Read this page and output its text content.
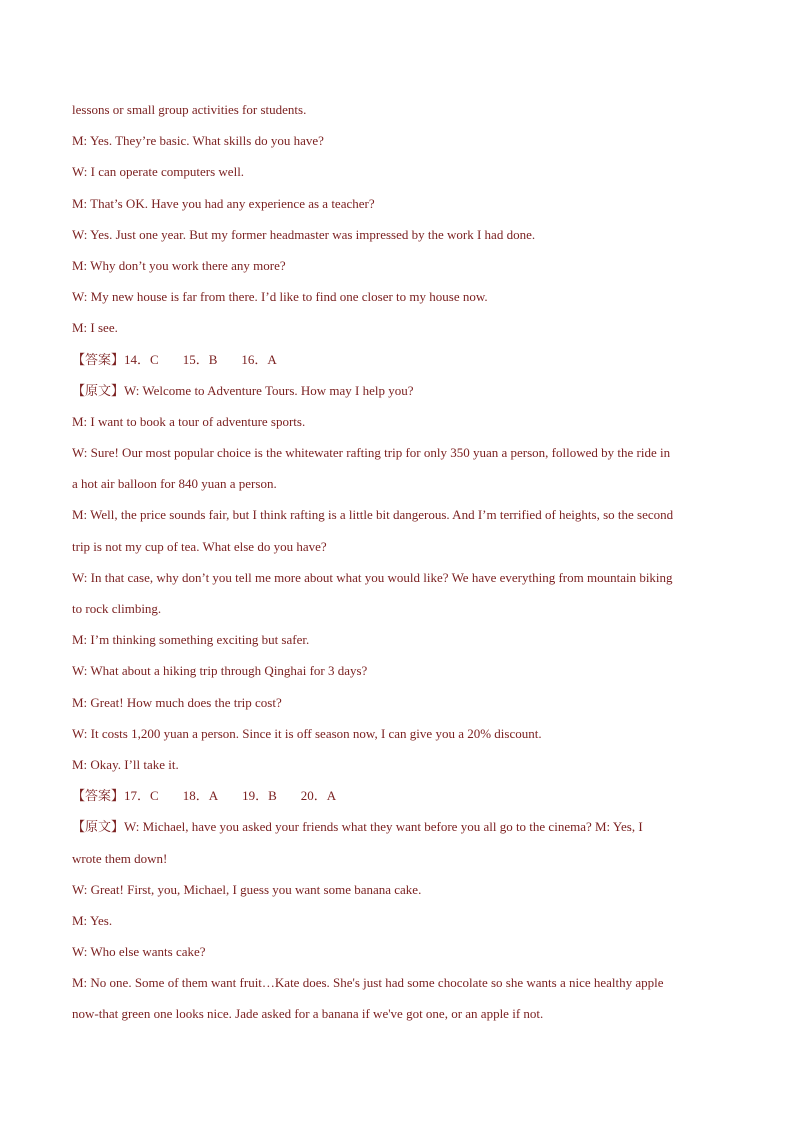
lessons or small group activities for students.
M: Yes. They’re basic. What skills do you have?
W: I can operate computers well.
M: That’s OK. Have you had any experience as a teacher?
W: Yes. Just one year. But my former headmaster was impressed by the work I had done.
M: Why don’t you work there any more?
W: My new house is far from there. I’d like to find one closer to my house now.
M: I see.
【答案】14．C 15．B 16．A
【原文】W: Welcome to Adventure Tours. How may I help you?
M: I want to book a tour of adventure sports.
W: Sure! Our most popular choice is the whitewater rafting trip for only 350 yuan a person, followed by the ride in
a hot air balloon for 840 yuan a person.
M: Well, the price sounds fair, but I think rafting is a little bit dangerous. And I’m terrified of heights, so the second
trip is not my cup of tea. What else do you have?
W: In that case, why don’t you tell me more about what you would like? We have everything from mountain biking
to rock climbing.
M: I’m thinking something exciting but safer.
W: What about a hiking trip through Qinghai for 3 days?
M: Great! How much does the trip cost?
W: It costs 1,200 yuan a person. Since it is off season now, I can give you a 20% discount.
M: Okay. I’ll take it.
【答案】17．C 18．A 19．B 20．A
【原文】W: Michael, have you asked your friends what they want before you all go to the cinema? M: Yes, I
wrote them down!
W: Great! First, you, Michael, I guess you want some banana cake.
M: Yes.
W: Who else wants cake?
M: No one. Some of them want fruit…Kate does. She's just had some chocolate so she wants a nice healthy apple
now-that green one looks nice. Jade asked for a banana if we've got one, or an apple if not.
